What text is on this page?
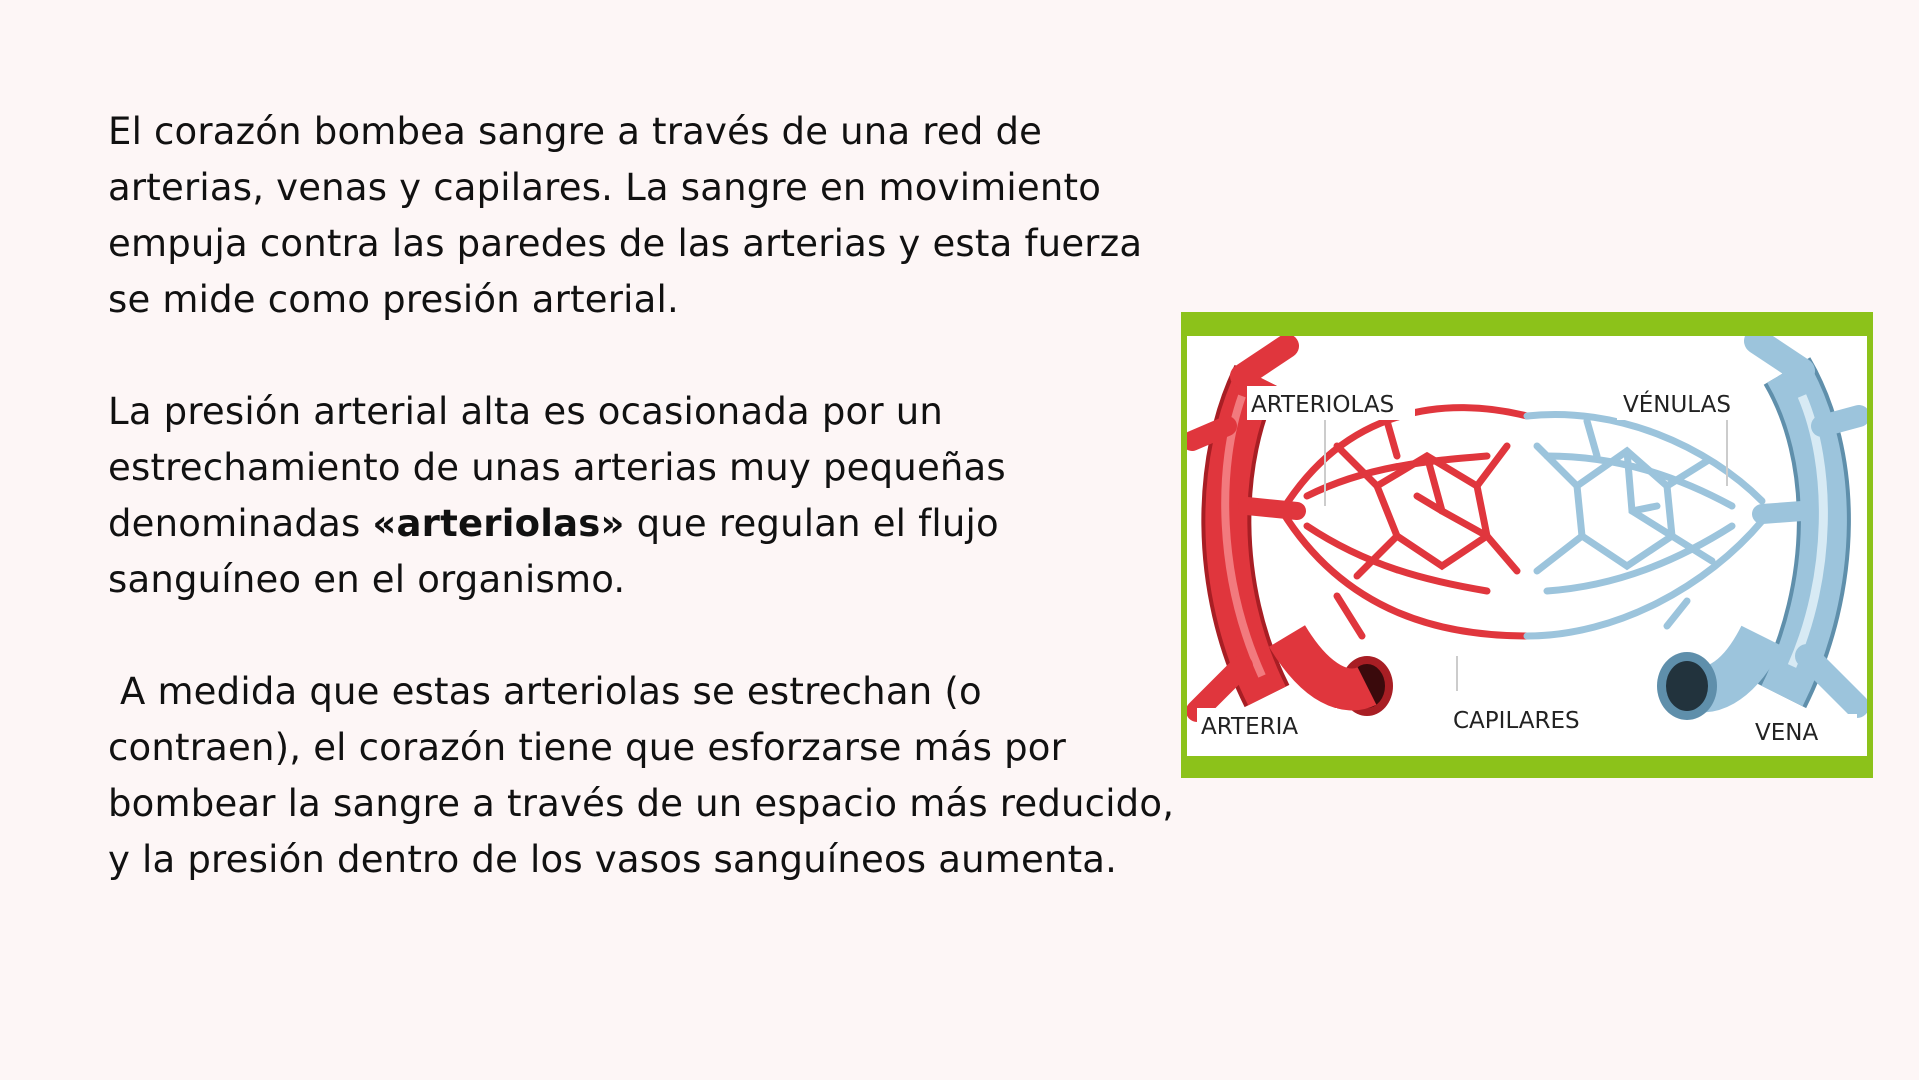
El corazón bombea sangre a través de una red de arterias, venas y capilares. La sangre en movimiento empuja contra las paredes de las arterias y esta fuerza se mide como presión arterial.

La presión arterial alta es ocasionada por un estrechamiento de unas arterias muy pequeñas denominadas «arteriolas» que regulan el flujo sanguíneo en el organismo.

A medida que estas arteriolas se estrechan (o contraen), el corazón tiene que esforzarse más por bombear la sangre a través de un espacio más reducido, y la presión dentro de los vasos sanguíneos aumenta.

ARTERIOLAS	VÉNULAS
ARTERIA	CAPILARES	VENA
